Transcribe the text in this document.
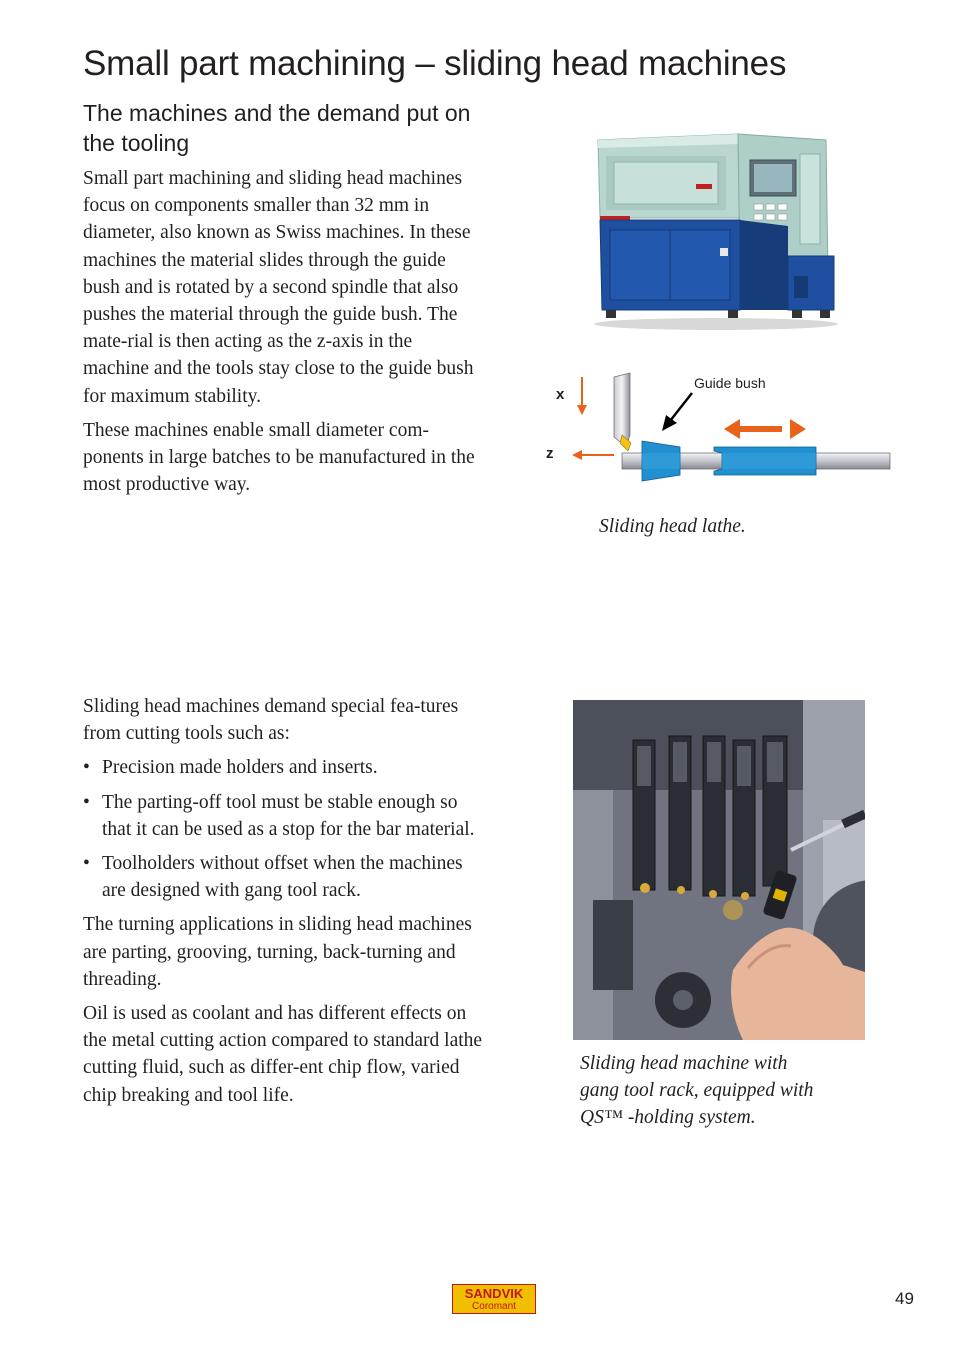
Small part machining – sliding head machines
The machines and the demand put on the tooling

Small part machining and sliding head machines focus on components smaller than 32 mm in diameter, also known as Swiss machines. In these machines the material slides through the guide bush and is rotated by a second spindle that also pushes the material through the guide bush. The mate-rial is then acting as the z-axis in the machine and the tools stay close to the guide bush for maximum stability.

These machines enable small diameter com-ponents in large batches to be manufactured in the most productive way.

Guide bush
x
z
Sliding head lathe.

Sliding head machines demand special fea-tures from cutting tools such as:

• Precision made holders and inserts.
• The parting-off tool must be stable enough so that it can be used as a stop for the bar material.
• Toolholders without offset when the machines are designed with gang tool rack.

The turning applications in sliding head machines are parting, grooving, turning, back-turning and threading.

Oil is used as coolant and has different effects on the metal cutting action compared to standard lathe cutting fluid, such as differ-ent chip flow, varied chip breaking and tool life.

Sliding head machine with gang tool rack, equipped with QS™ -holding system.
SANDVIK
Coromant	49
